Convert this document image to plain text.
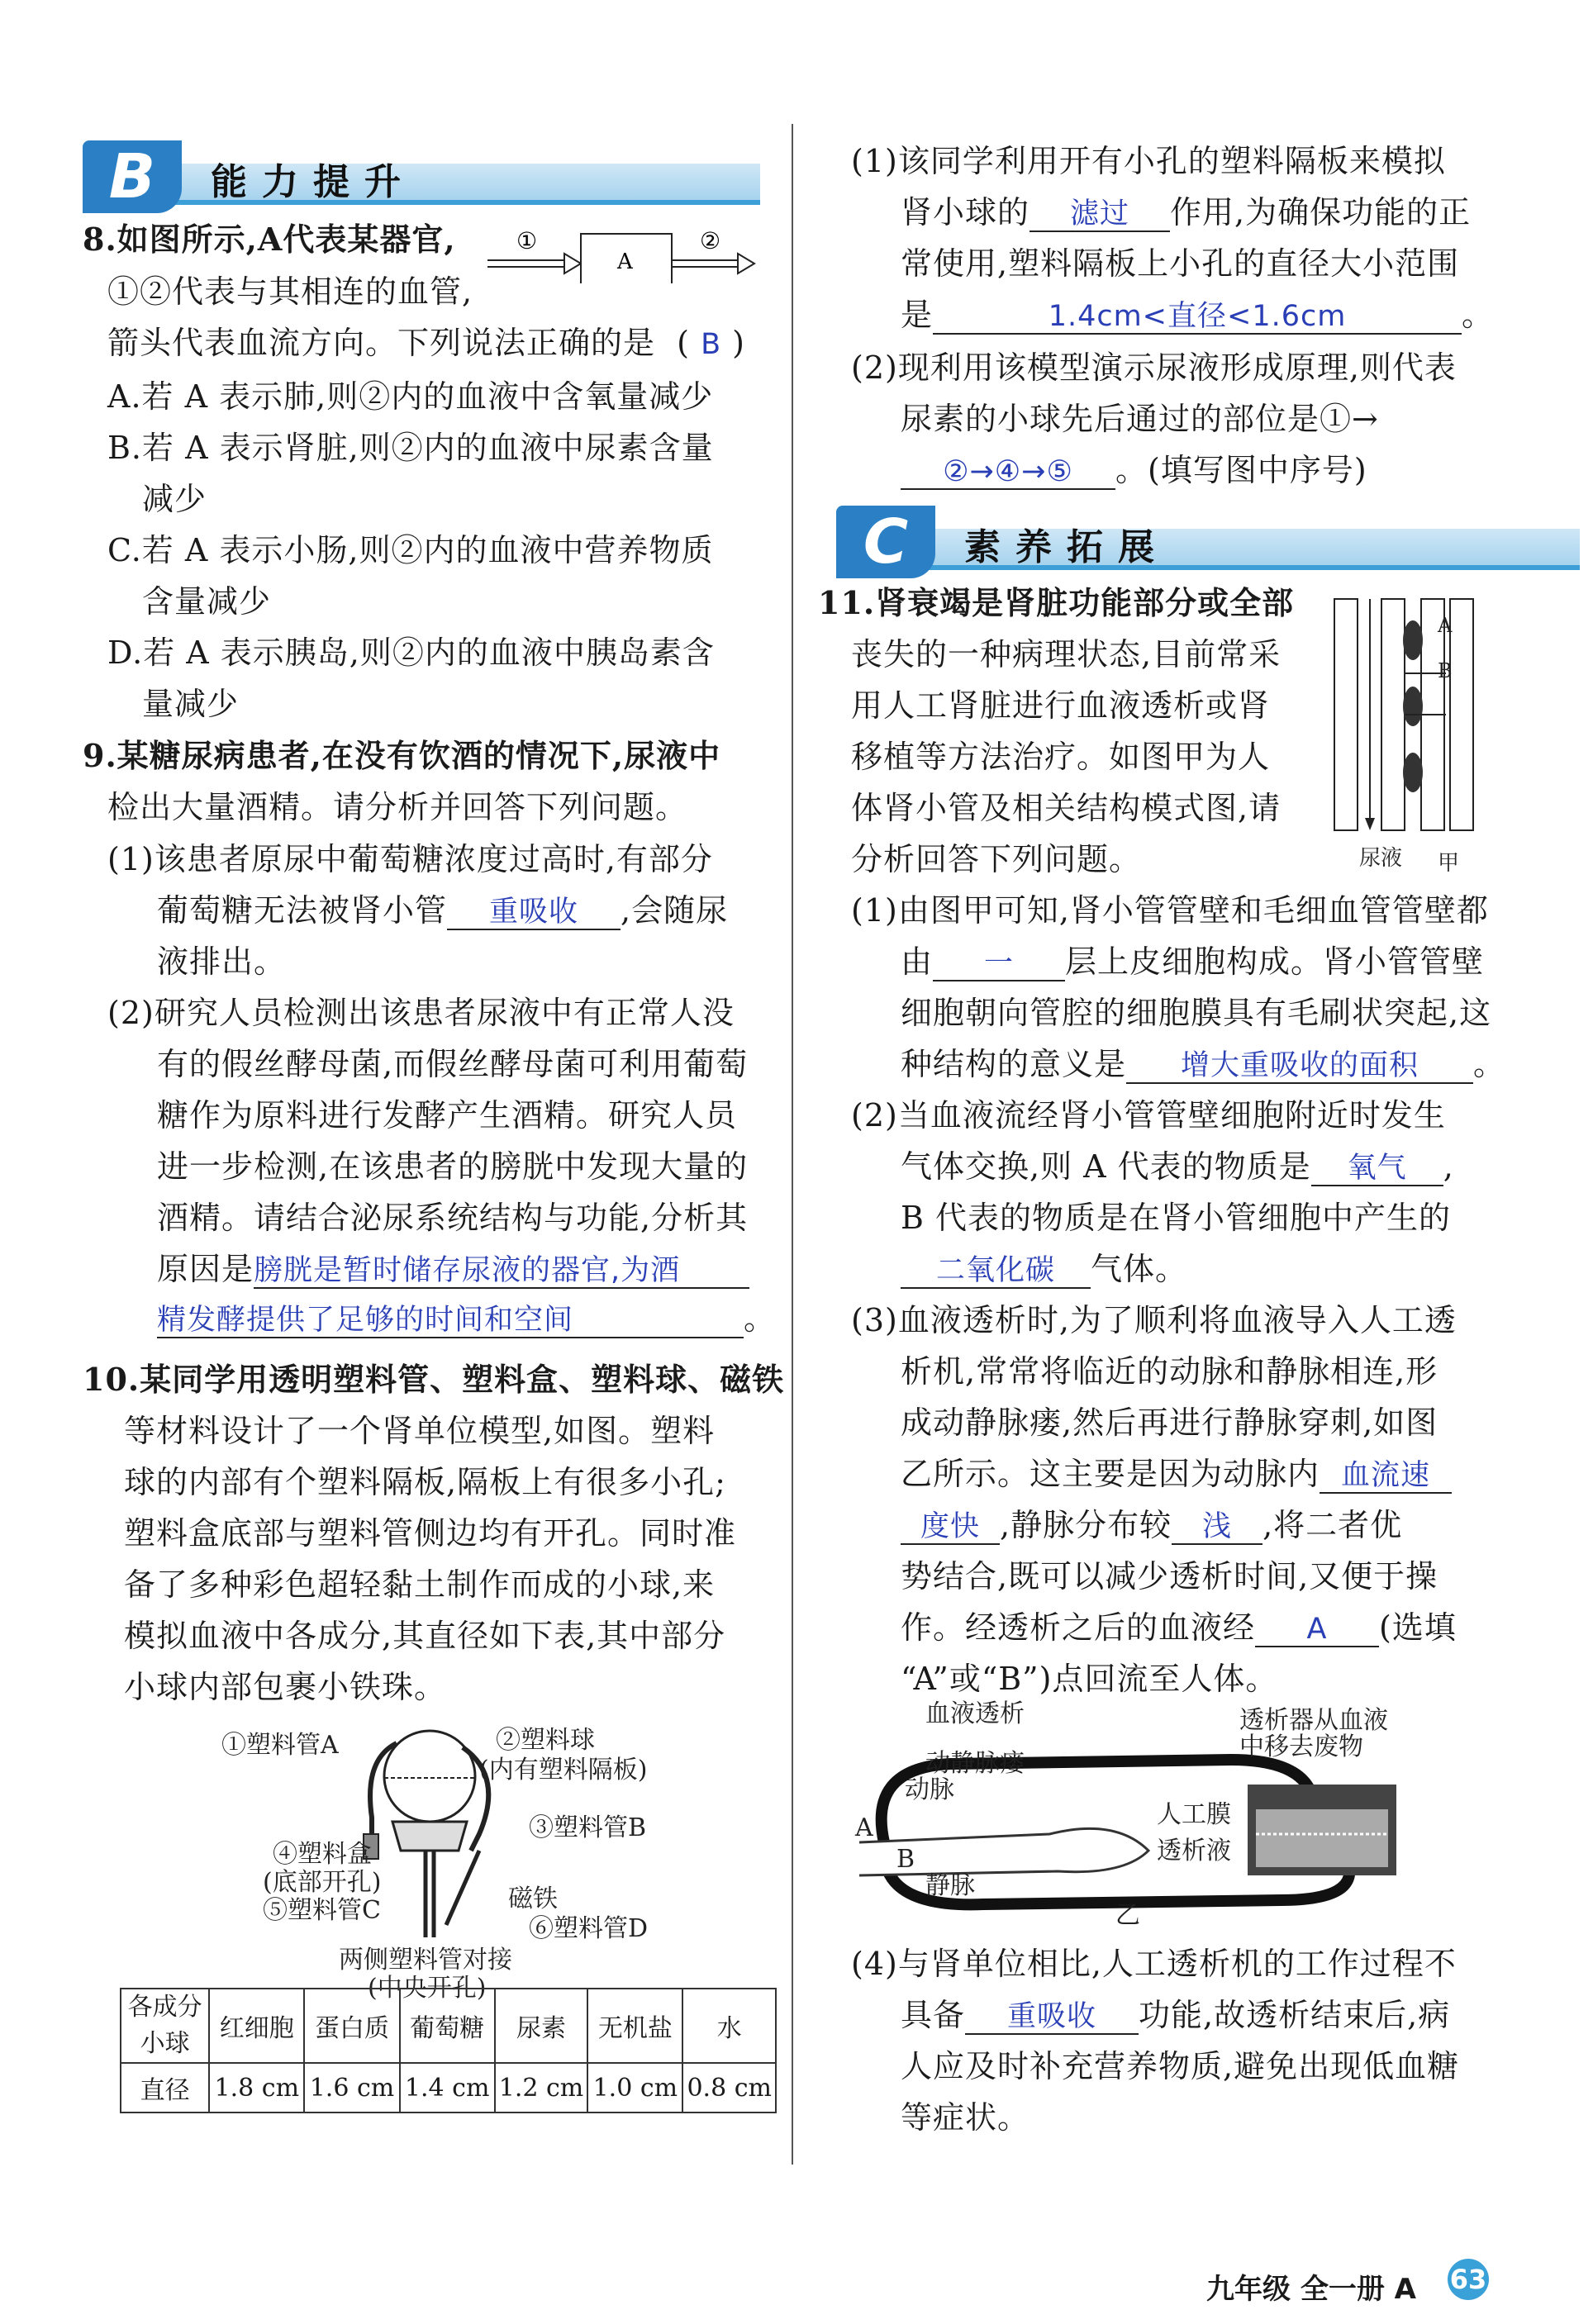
B	能力提升
8.如图所示,A代表某器官,
①②代表与其相连的血管,
箭头代表血流方向。下列说法正确的是  ( B )
①
A
②
A.若 A 表示肺,则②内的血液中含氧量减少
B.若 A 表示肾脏,则②内的血液中尿素含量
减少
C.若 A 表示小肠,则②内的血液中营养物质
含量减少
D.若 A 表示胰岛,则②内的血液中胰岛素含
量减少
9.某糖尿病患者,在没有饮酒的情况下,尿液中
检出大量酒精。请分析并回答下列问题。
(1)该患者原尿中葡萄糖浓度过高时,有部分
葡萄糖无法被肾小管 重吸收 ,会随尿
液排出。
(2)研究人员检测出该患者尿液中有正常人没
有的假丝酵母菌,而假丝酵母菌可利用葡萄
糖作为原料进行发酵产生酒精。研究人员
进一步检测,在该患者的膀胱中发现大量的
酒精。请结合泌尿系统结构与功能,分析其
原因是膀胱是暂时储存尿液的器官,为酒
精发酵提供了足够的时间和空间	。
10.某同学用透明塑料管、塑料盒、塑料球、磁铁
等材料设计了一个肾单位模型,如图。塑料
球的内部有个塑料隔板,隔板上有很多小孔;
塑料盒底部与塑料管侧边均有开孔。同时准
备了多种彩色超轻黏土制作而成的小球,来
模拟血液中各成分,其直径如下表,其中部分
小球内部包裹小铁珠。
①塑料管A	②塑料球
(内有塑料隔板)
③塑料管B
④塑料盒
(底部开孔)
⑤塑料管C	磁铁
⑥塑料管D
两侧塑料管对接
(中央开孔)
各成分
小球	红细胞	蛋白质	葡萄糖	尿素	无机盐	水
直径	1.8 cm	1.6 cm	1.4 cm	1.2 cm	1.0 cm	0.8 cm
(1)该同学利用开有小孔的塑料隔板来模拟
肾小球的 滤过 作用,为确保功能的正
常使用,塑料隔板上小孔的直径大小范围
是	1.4cm<直径<1.6cm	。
(2)现利用该模型演示尿液形成原理,则代表
尿素的小球先后通过的部位是①→
②→④→⑤ 。(填写图中序号)
C	素养拓展
11.肾衰竭是肾脏功能部分或全部
丧失的一种病理状态,目前常采
用人工肾脏进行血液透析或肾
移植等方法治疗。如图甲为人
体肾小管及相关结构模式图,请
分析回答下列问题。
A
B
尿液 甲
(1)由图甲可知,肾小管管壁和毛细血管管壁都
由 一 层上皮细胞构成。肾小管管壁
细胞朝向管腔的细胞膜具有毛刷状突起,这
种结构的意义是 增大重吸收的面积 。
(2)当血液流经肾小管管壁细胞附近时发生
气体交换,则 A 代表的物质是 氧气 ,
B 代表的物质是在肾小管细胞中产生的
二氧化碳 气体。
(3)血液透析时,为了顺利将血液导入人工透
析机,常常将临近的动脉和静脉相连,形
成动静脉瘘,然后再进行静脉穿刺,如图
乙所示。这主要是因为动脉内 血流速
度快 ,静脉分布较 浅 ,将二者优
势结合,既可以减少透析时间,又便于操
作。经透析之后的血液经 A (选填
“A”或“B”)点回流至人体。
血液透析
动静脉瘘
动脉
A
B
静脉
透析器从血液
中移去废物
人工膜
透析液
乙
(4)与肾单位相比,人工透析机的工作过程不
具备 重吸收 功能,故透析结束后,病
人应及时补充营养物质,避免出现低血糖
等症状。
九年级 全一册 A 63
